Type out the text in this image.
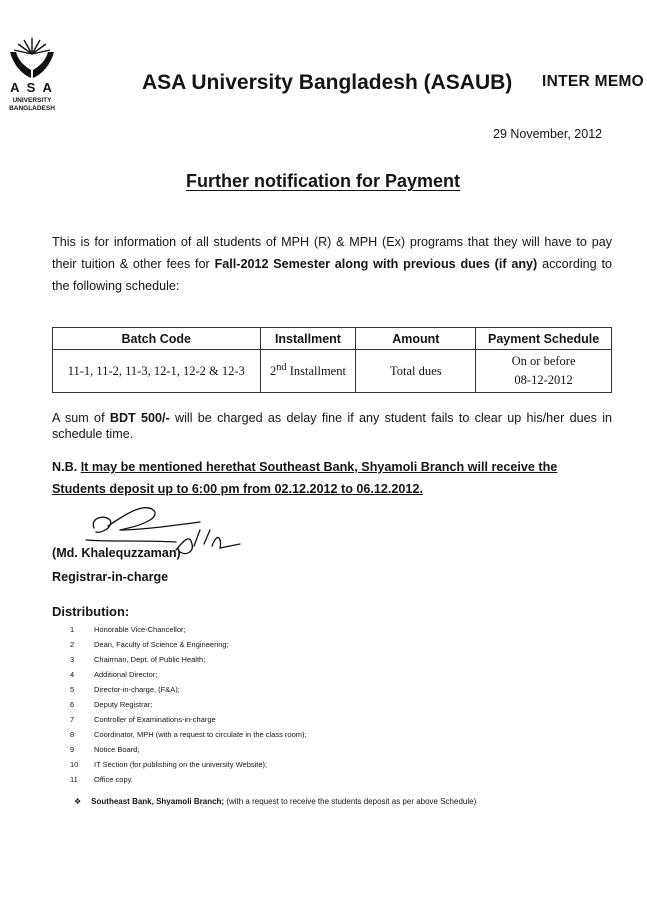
A S A
UNIVERSITY
BANGLADESH
ASA University Bangladesh (ASAUB) INTER MEMO
29 November, 2012
Further notification for Payment
This is for information of all students of MPH (R) & MPH (Ex) programs that they will have to pay their tuition & other fees for Fall-2012 Semester along with previous dues (if any) according to the following schedule:
Batch Code	Installment	Amount	Payment Schedule
11-1, 11-2, 11-3, 12-1, 12-2 & 12-3	2nd Installment	Total dues	On or before
08-12-2012
A sum of BDT 500/- will be charged as delay fine if any student fails to clear up his/her dues in schedule time.
N.B. It may be mentioned herethat Southeast Bank, Shyamoli Branch will receive the
Students deposit up to 6:00 pm from 02.12.2012 to 06.12.2012.
(Md. Khalequzzaman)
Registrar-in-charge
Distribution:
1	Honorable Vice-Chancellor;
2	Dean, Faculty of Science & Engineering;
3	Chairman, Dept. of Public Health;
4	Additional Director;
5	Director-in-charge, (F&A);
6	Deputy Registrar;
7	Controller of Examinations-in-charge
8	Coordinator, MPH (with a request to circulate in the class room);
9	Notice Board;
10 IT Section (for publishing on the university Website);
11 Office copy.
❖ Southeast Bank, Shyamoli Branch; (with a request to receive the students deposit as per above Schedule)
